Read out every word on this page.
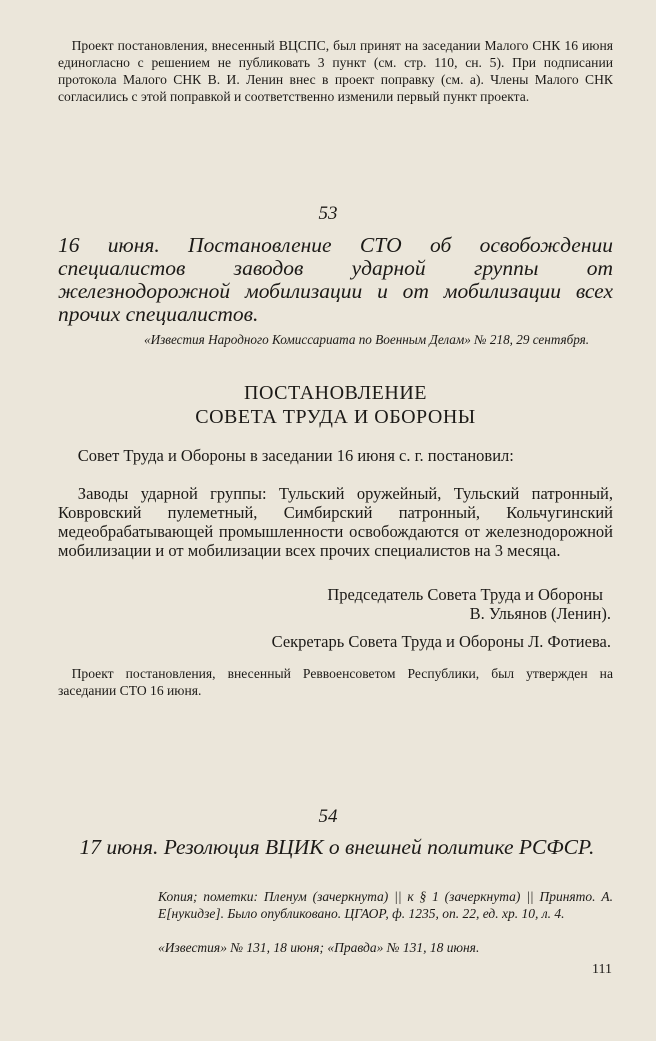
Проект постановления, внесенный ВЦСПС, был принят на заседании Малого СНК 16 июня единогласно с решением не публиковать 3 пункт (см. стр. 110, сн. 5). При подписании протокола Малого СНК В. И. Ленин внес в проект поправку (см. а). Члены Малого СНК согласились с этой поправкой и соответственно изменили первый пункт проекта.

53

16 июня. Постановление СТО об освобождении специалистов заводов ударной группы от железнодорожной мобилизации и от мобилизации всех прочих специалистов.

«Известия Народного Комиссариата по Военным Делам» № 218, 29 сентября.

ПОСТАНОВЛЕНИЕ
СОВЕТА ТРУДА И ОБОРОНЫ

Совет Труда и Обороны в заседании 16 июня с. г. постановил:

Заводы ударной группы: Тульский оружейный, Тульский патронный, Ковровский пулеметный, Симбирский патронный, Кольчугинский медеобрабатывающей промышленности освобождаются от железнодорожной мобилизации и от мобилизации всех прочих специалистов на 3 месяца.

Председатель Совета Труда и Обороны

В. Ульянов (Ленин).

Секретарь Совета Труда и Обороны Л. Фотиева.

Проект постановления, внесенный Реввоенсоветом Республики, был утвержден на заседании СТО 16 июня.

54

17 июня. Резолюция ВЦИК о внешней политике РСФСР.

Копия; пометки: Пленум (зачеркнута) || к § 1 (зачеркнута) || Принято. А. Е[нукидзе]. Было опубликовано. ЦГАОР, ф. 1235, оп. 22, ед. хр. 10, л. 4.

«Известия» № 131, 18 июня; «Правда» № 131, 18 июня.

111
